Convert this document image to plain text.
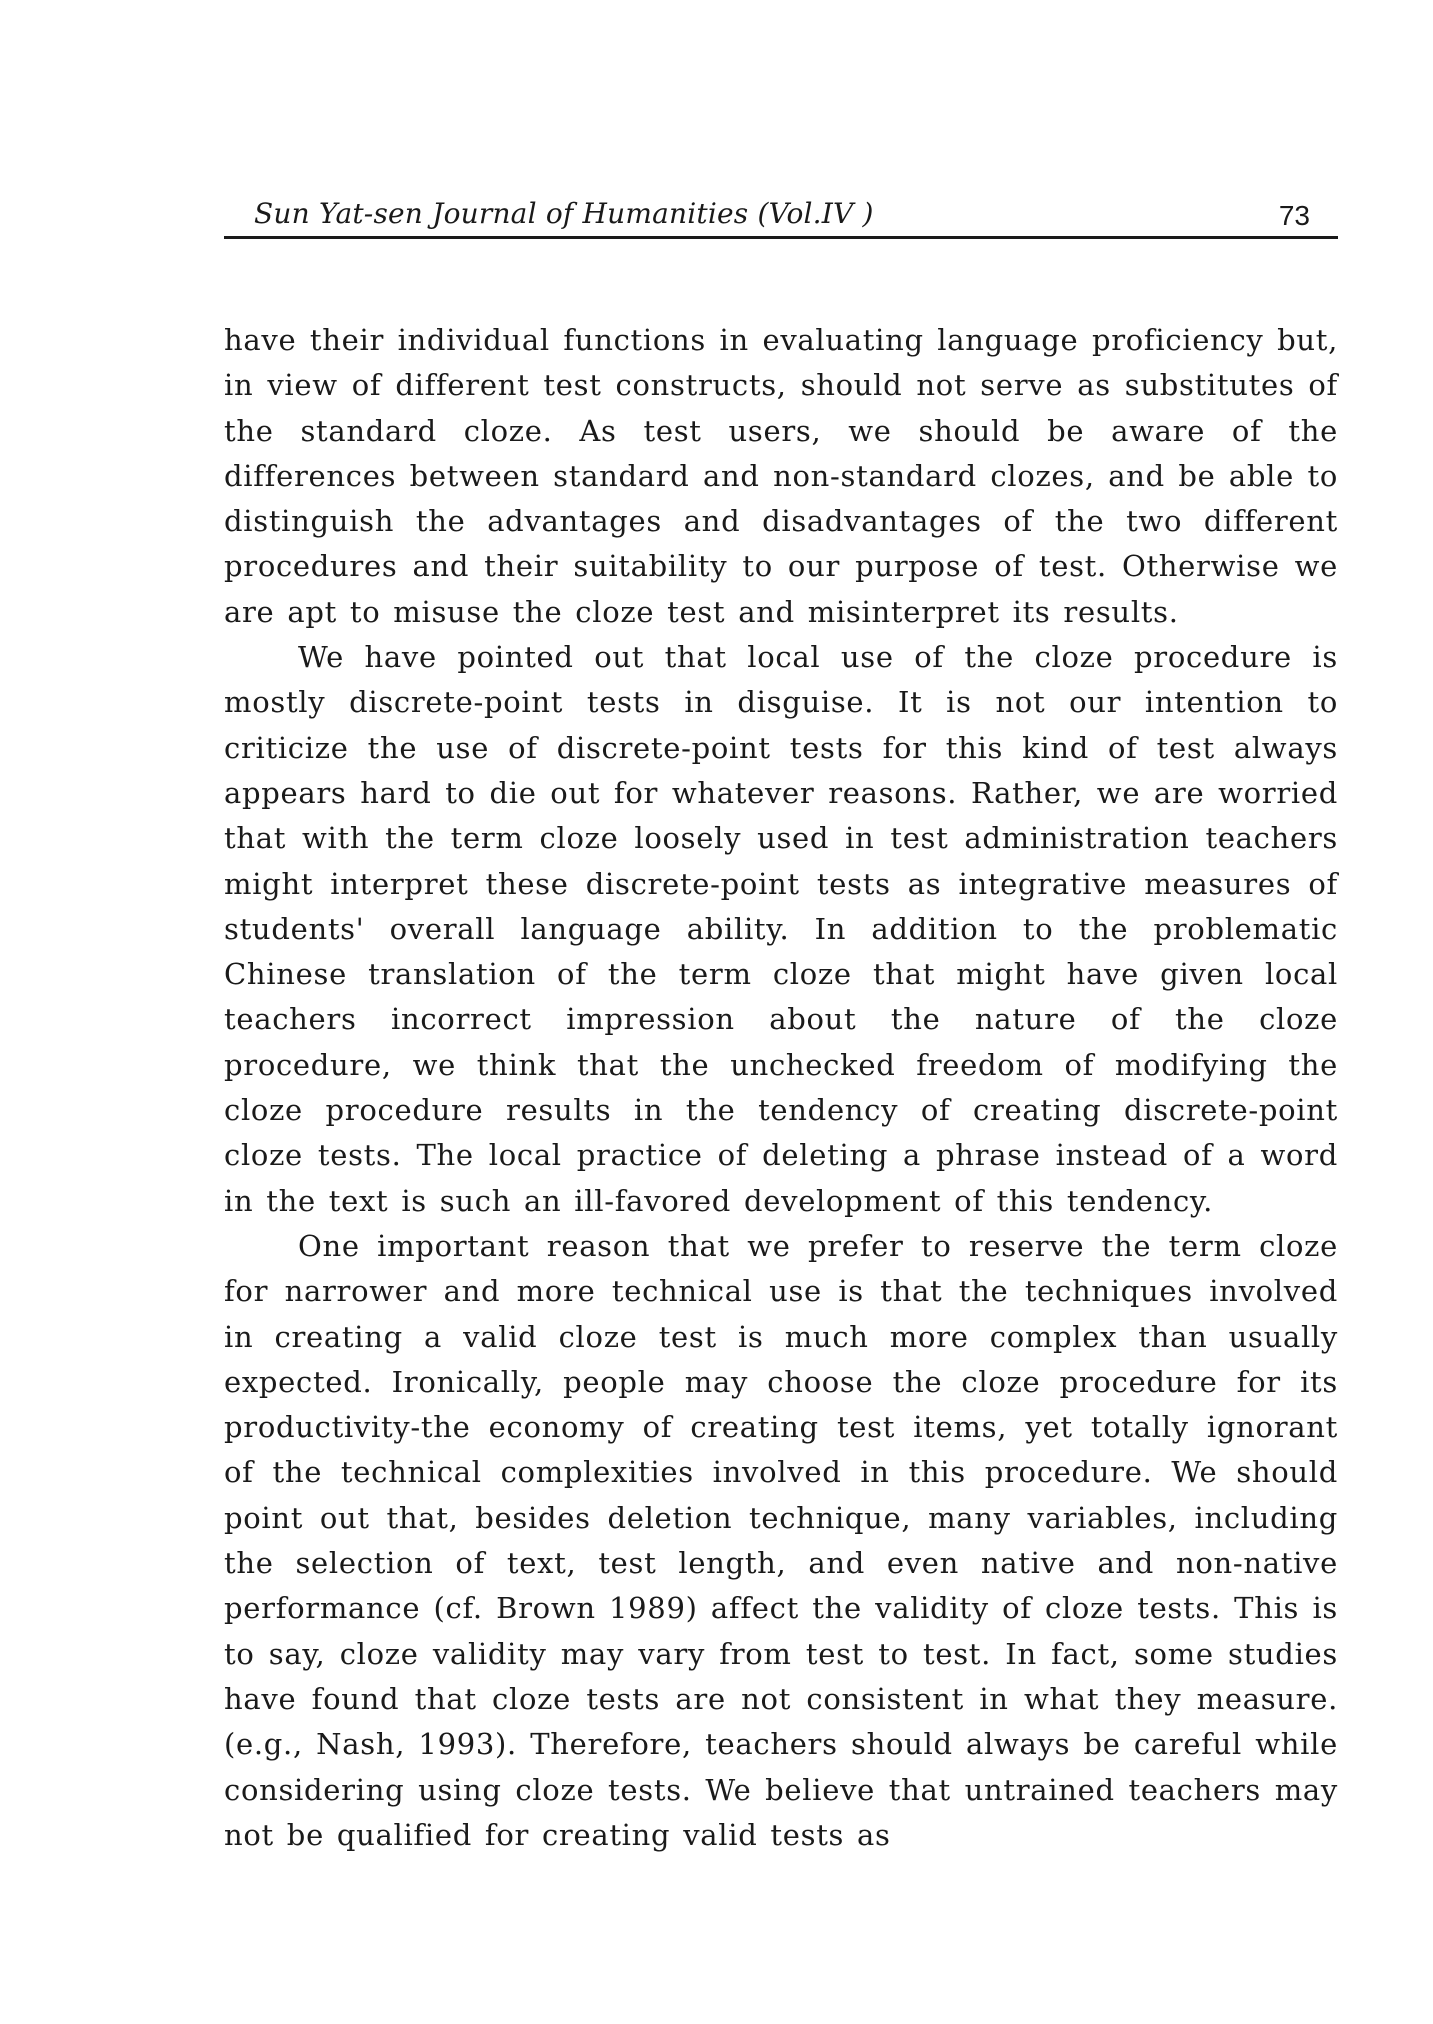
Sun Yat-sen Journal of Humanities (Vol.IV )	73

have their individual functions in evaluating language proficiency but, in view of different test constructs, should not serve as substitutes of the standard cloze. As test users, we should be aware of the differences between standard and non-standard clozes, and be able to distinguish the advantages and disadvantages of the two different procedures and their suitability to our purpose of test. Otherwise we are apt to misuse the cloze test and misinterpret its results.

We have pointed out that local use of the cloze procedure is mostly discrete-point tests in disguise. It is not our intention to criticize the use of discrete-point tests for this kind of test always appears hard to die out for whatever reasons. Rather, we are worried that with the term cloze loosely used in test administration teachers might interpret these discrete-point tests as integrative measures of students' overall language ability. In addition to the problematic Chinese translation of the term cloze that might have given local teachers incorrect impression about the nature of the cloze procedure, we think that the unchecked freedom of modifying the cloze procedure results in the tendency of creating discrete-point cloze tests. The local practice of deleting a phrase instead of a word in the text is such an ill-favored development of this tendency.

One important reason that we prefer to reserve the term cloze for narrower and more technical use is that the techniques involved in creating a valid cloze test is much more complex than usually expected. Ironically, people may choose the cloze procedure for its productivity-the economy of creating test items, yet totally ignorant of the technical complexities involved in this procedure. We should point out that, besides deletion technique, many variables, including the selection of text, test length, and even native and non-native performance (cf. Brown 1989) affect the validity of cloze tests. This is to say, cloze validity may vary from test to test. In fact, some studies have found that cloze tests are not consistent in what they measure. (e.g., Nash, 1993). Therefore, teachers should always be careful while considering using cloze tests. We believe that untrained teachers may not be qualified for creating valid tests as
